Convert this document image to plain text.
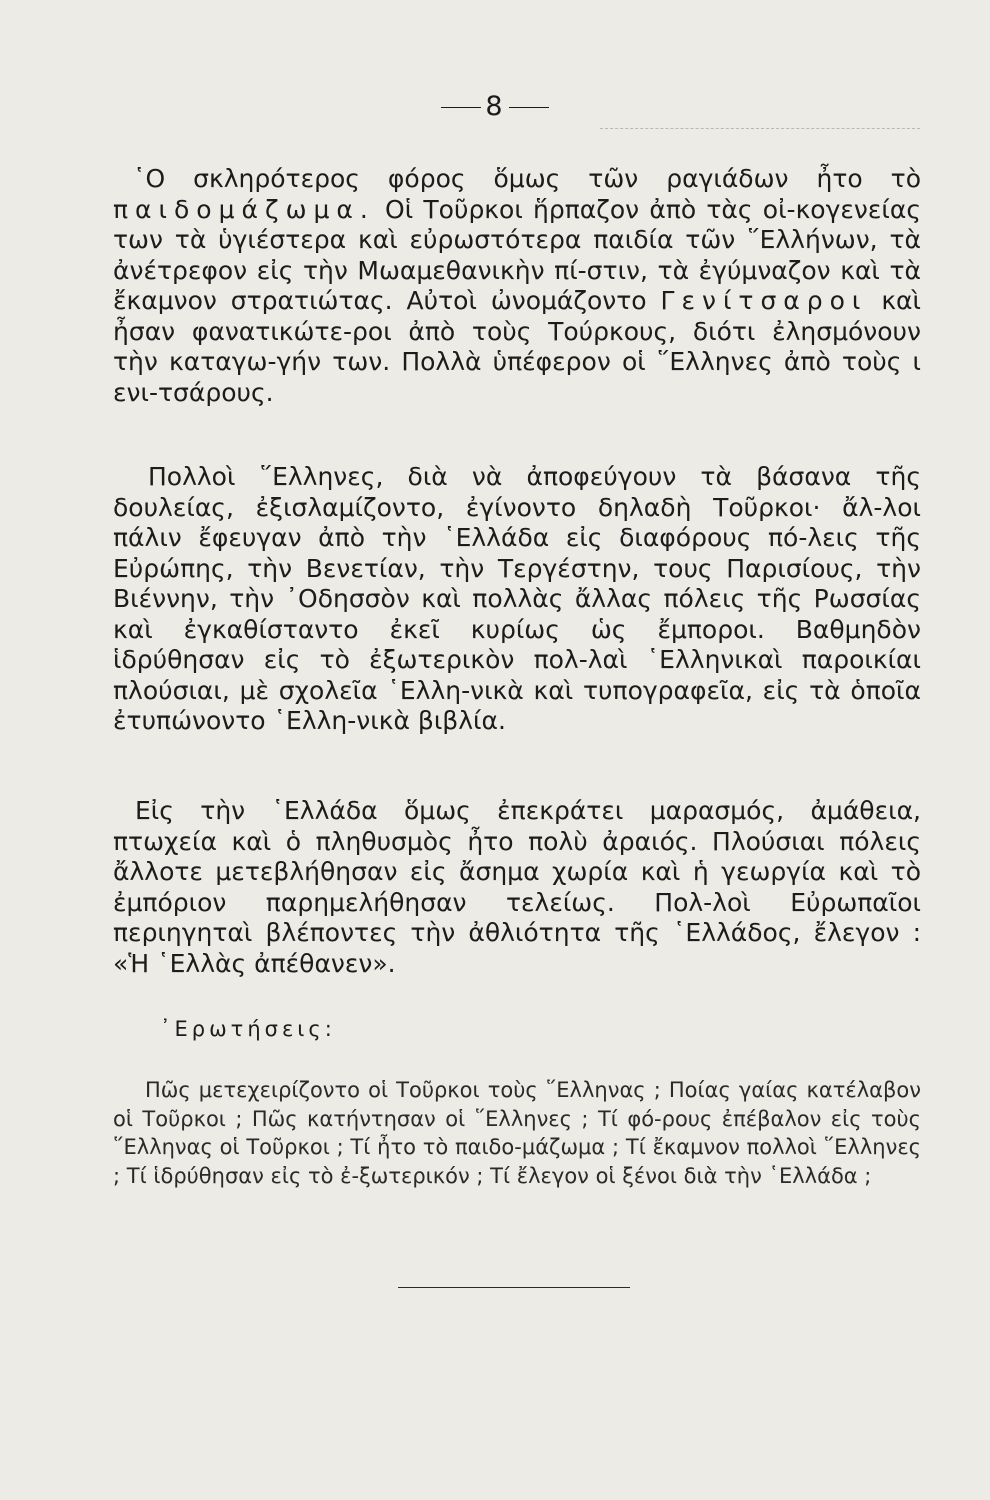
8

῾Ο σκληρότερος φόρος ὅμως τῶν ραγιάδων ἦτο τὸ παιδομάζωμα. Οἱ Τοῦρκοι ἥρπαζον ἀπὸ τὰς οἰ-κογενείας των τὰ ὑγιέστερα καὶ εὐρωστότερα παιδία τῶν ῞Ελλήνων, τὰ ἀνέτρεφον εἰς τὴν Μωαμεθανικὴν πί-στιν, τὰ ἐγύμναζον καὶ τὰ ἔκαμνον στρατιώτας. Αὐτοὶ ὠνομάζοντο Γενίτσαροι καὶ ἦσαν φανατικώτε-ροι ἀπὸ τοὺς Τούρκους, διότι ἐλησμόνουν τὴν καταγω-γήν των. Πολλὰ ὑπέφερον οἱ ῞Ελληνες ἀπὸ τοὺς ι ενι-τσάρους.

Πολλοὶ ῞Ελληνες, διὰ νὰ ἀποφεύγουν τὰ βάσανα τῆς δουλείας, ἐξισλαμίζοντο, ἐγίνοντο δηλαδὴ Τοῦρκοι· ἄλ-λοι πάλιν ἔφευγαν ἀπὸ τὴν ῾Ελλάδα εἰς διαφόρους πό-λεις τῆς Εὐρώπης, τὴν Βενετίαν, τὴν Τεργέστην, τους Παρισίους, τὴν Βιέννην, τὴν ᾿Οδησσὸν καὶ πολλὰς ἄλλας πόλεις τῆς Ρωσσίας καὶ ἐγκαθίσταντο ἐκεῖ κυρίως ὡς ἔμποροι. Βαθμηδὸν ἱδρύθησαν εἰς τὸ ἐξωτερικὸν πολ-λαὶ ῾Ελληνικαὶ παροικίαι πλούσιαι, μὲ σχολεῖα ῾Ελλη-νικὰ καὶ τυπογραφεῖα, εἰς τὰ ὁποῖα ἐτυπώνοντο ῾Ελλη-νικὰ βιβλία.

Εἰς τὴν ῾Ελλάδα ὅμως ἐπεκράτει μαρασμός, ἀμάθεια, πτωχεία καὶ ὁ πληθυσμὸς ἦτο πολὺ ἀραιός. Πλούσιαι πόλεις ἄλλοτε μετεβλήθησαν εἰς ἄσημα χωρία καὶ ἡ γεωργία καὶ τὸ ἐμπόριον παρημελήθησαν τελείως. Πολ-λοὶ Εὐρωπαῖοι περιηγηταὶ βλέποντες τὴν ἀθλιότητα τῆς ῾Ελλάδος, ἔλεγον : «Ἡ ῾Ελλὰς ἀπέθανεν».

᾿Ερωτήσεις:

Πῶς μετεχειρίζοντο οἱ Τοῦρκοι τοὺς ῞Ελληνας ; Ποίας γαίας κατέλαβον οἱ Τοῦρκοι ; Πῶς κατήντησαν οἱ ῞Ελληνες ; Τί φό-ρους ἐπέβαλον εἰς τοὺς ῞Ελληνας οἱ Τοῦρκοι ; Τί ἦτο τὸ παιδο-μάζωμα ; Τί ἔκαμνον πολλοὶ ῞Ελληνες ; Τί ἱδρύθησαν εἰς τὸ ἐ-ξωτερικόν ; Τί ἔλεγον οἱ ξένοι διὰ τὴν ῾Ελλάδα ;
